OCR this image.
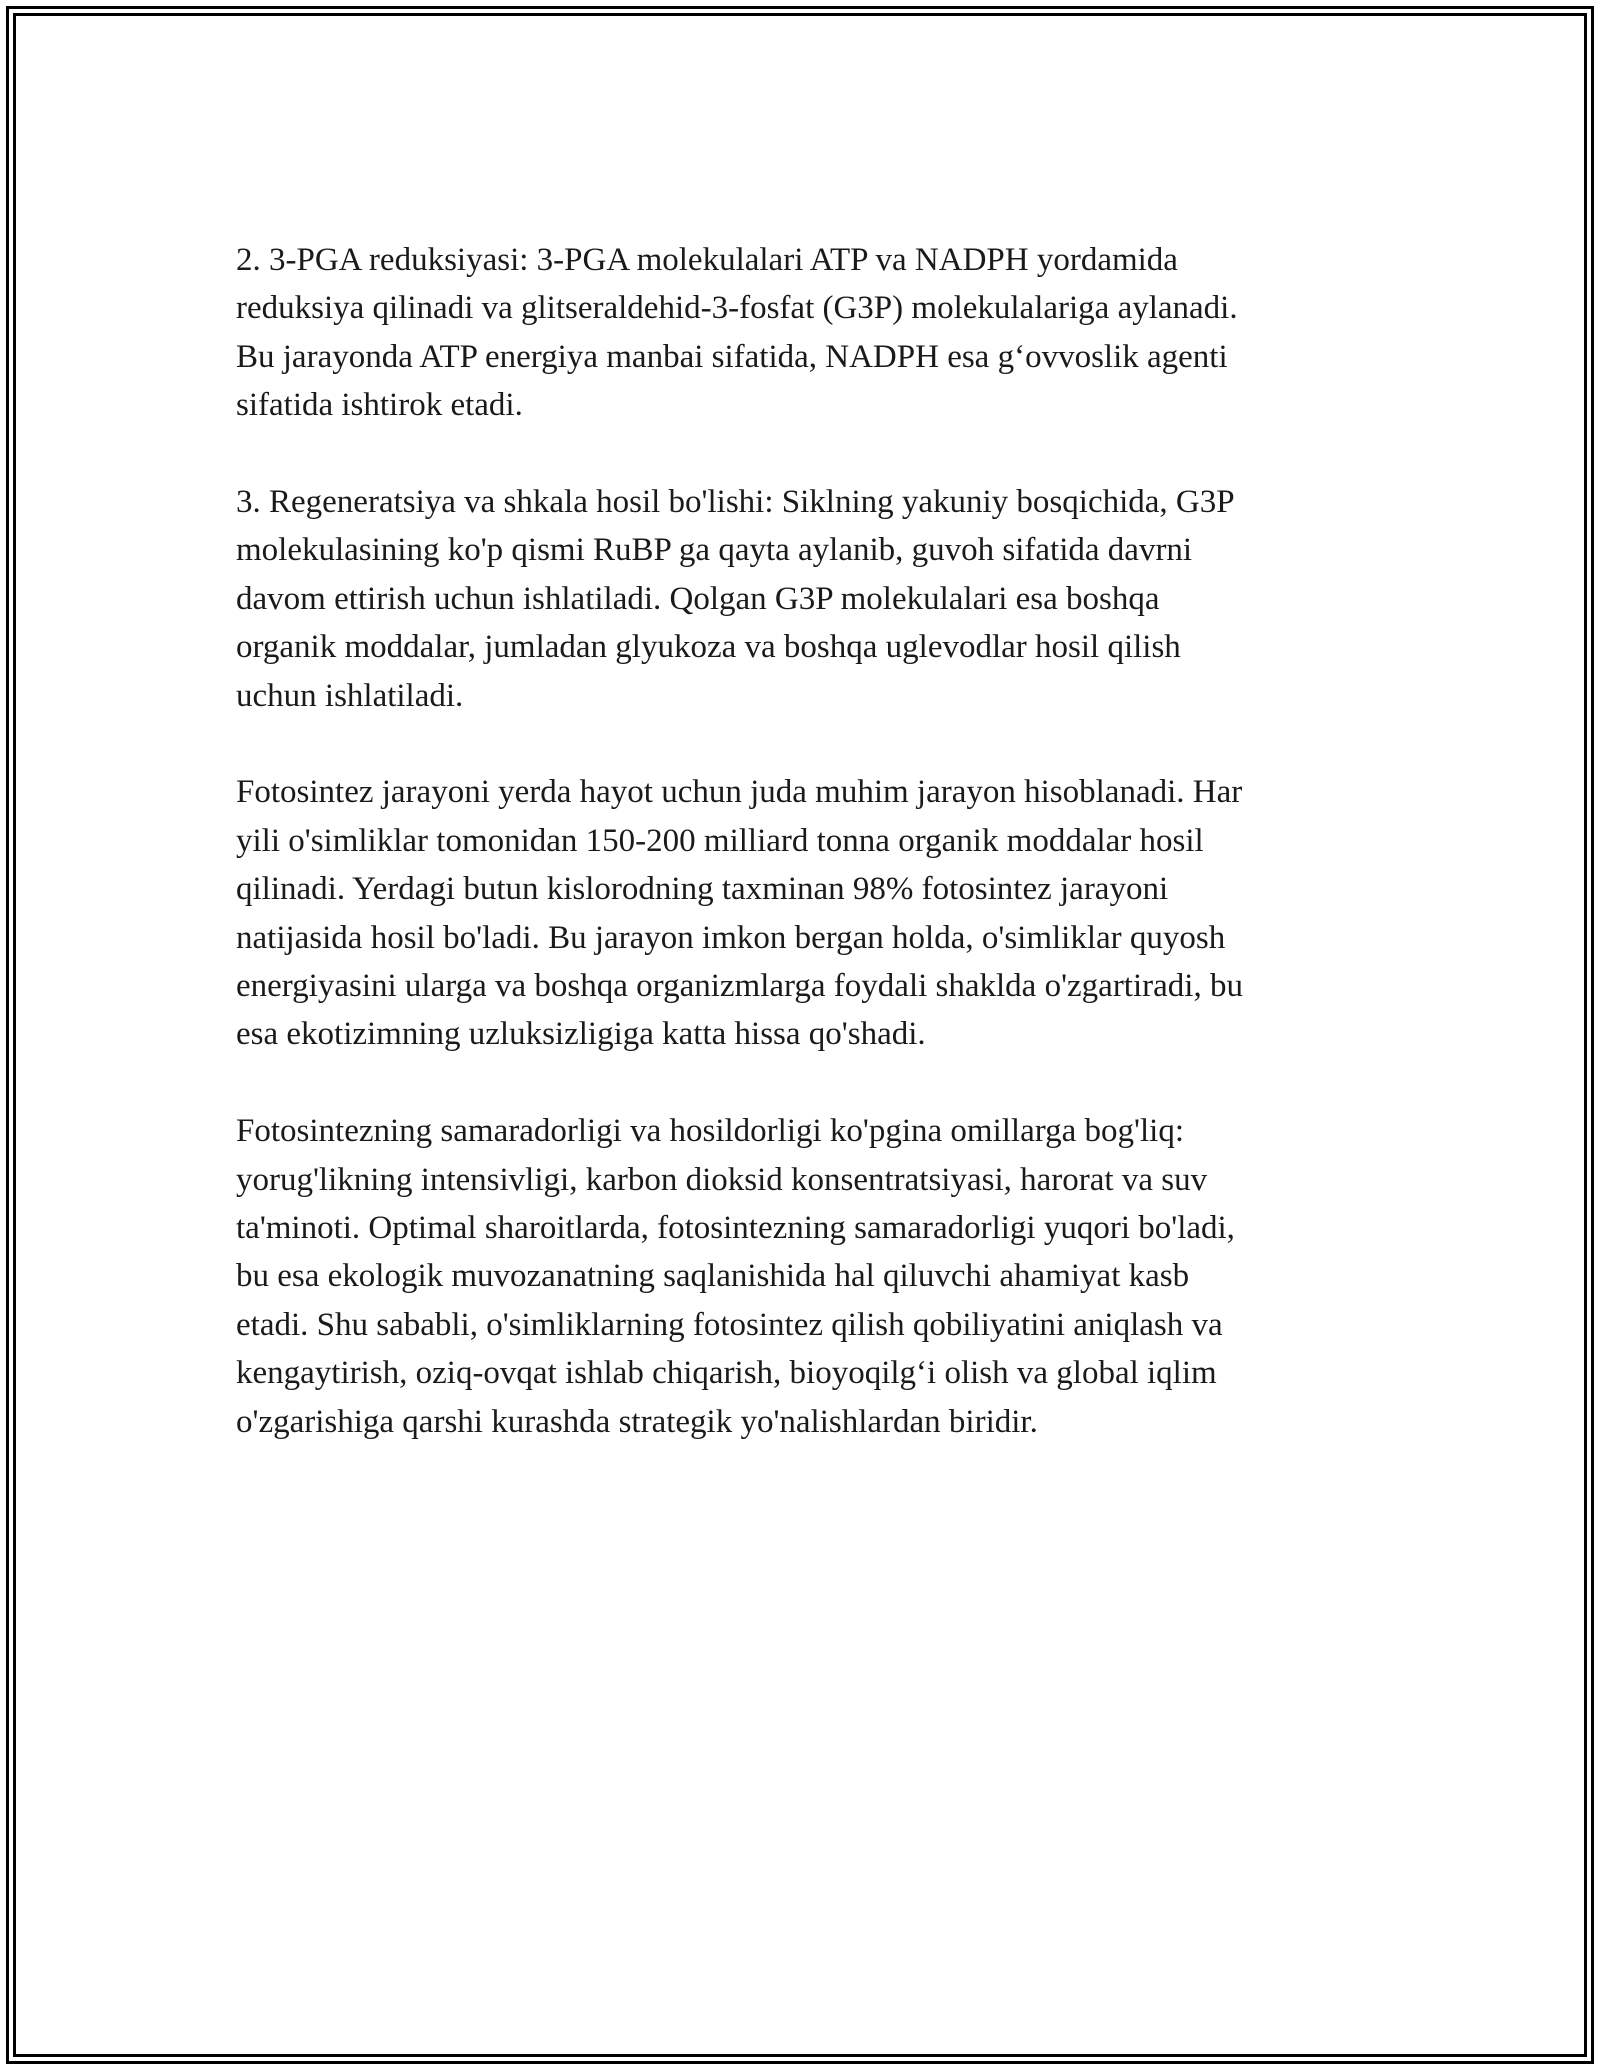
2. 3-PGA reduksiyasi: 3-PGA molekulalari ATP va NADPH yordamida
reduksiya qilinadi va glitseraldehid-3-fosfat (G3P) molekulalariga aylanadi.
Bu jarayonda ATP energiya manbai sifatida, NADPH esa g‘ovvoslik agenti
sifatida ishtirok etadi.

3. Regeneratsiya va shkala hosil bo'lishi: Siklning yakuniy bosqichida, G3P
molekulasining ko'p qismi RuBP ga qayta aylanib, guvoh sifatida davrni
davom ettirish uchun ishlatiladi. Qolgan G3P molekulalari esa boshqa
organik moddalar, jumladan glyukoza va boshqa uglevodlar hosil qilish
uchun ishlatiladi.

Fotosintez jarayoni yerda hayot uchun juda muhim jarayon hisoblanadi. Har
yili o'simliklar tomonidan 150-200 milliard tonna organik moddalar hosil
qilinadi. Yerdagi butun kislorodning taxminan 98% fotosintez jarayoni
natijasida hosil bo'ladi. Bu jarayon imkon bergan holda, o'simliklar quyosh
energiyasini ularga va boshqa organizmlarga foydali shaklda o'zgartiradi, bu
esa ekotizimning uzluksizligiga katta hissa qo'shadi.

Fotosintezning samaradorligi va hosildorligi ko'pgina omillarga bog'liq:
yorug'likning intensivligi, karbon dioksid konsentratsiyasi, harorat va suv
ta'minoti. Optimal sharoitlarda, fotosintezning samaradorligi yuqori bo'ladi,
bu esa ekologik muvozanatning saqlanishida hal qiluvchi ahamiyat kasb
etadi. Shu sababli, o'simliklarning fotosintez qilish qobiliyatini aniqlash va
kengaytirish, oziq-ovqat ishlab chiqarish, bioyoqilg‘i olish va global iqlim
o'zgarishiga qarshi kurashda strategik yo'nalishlardan biridir.
